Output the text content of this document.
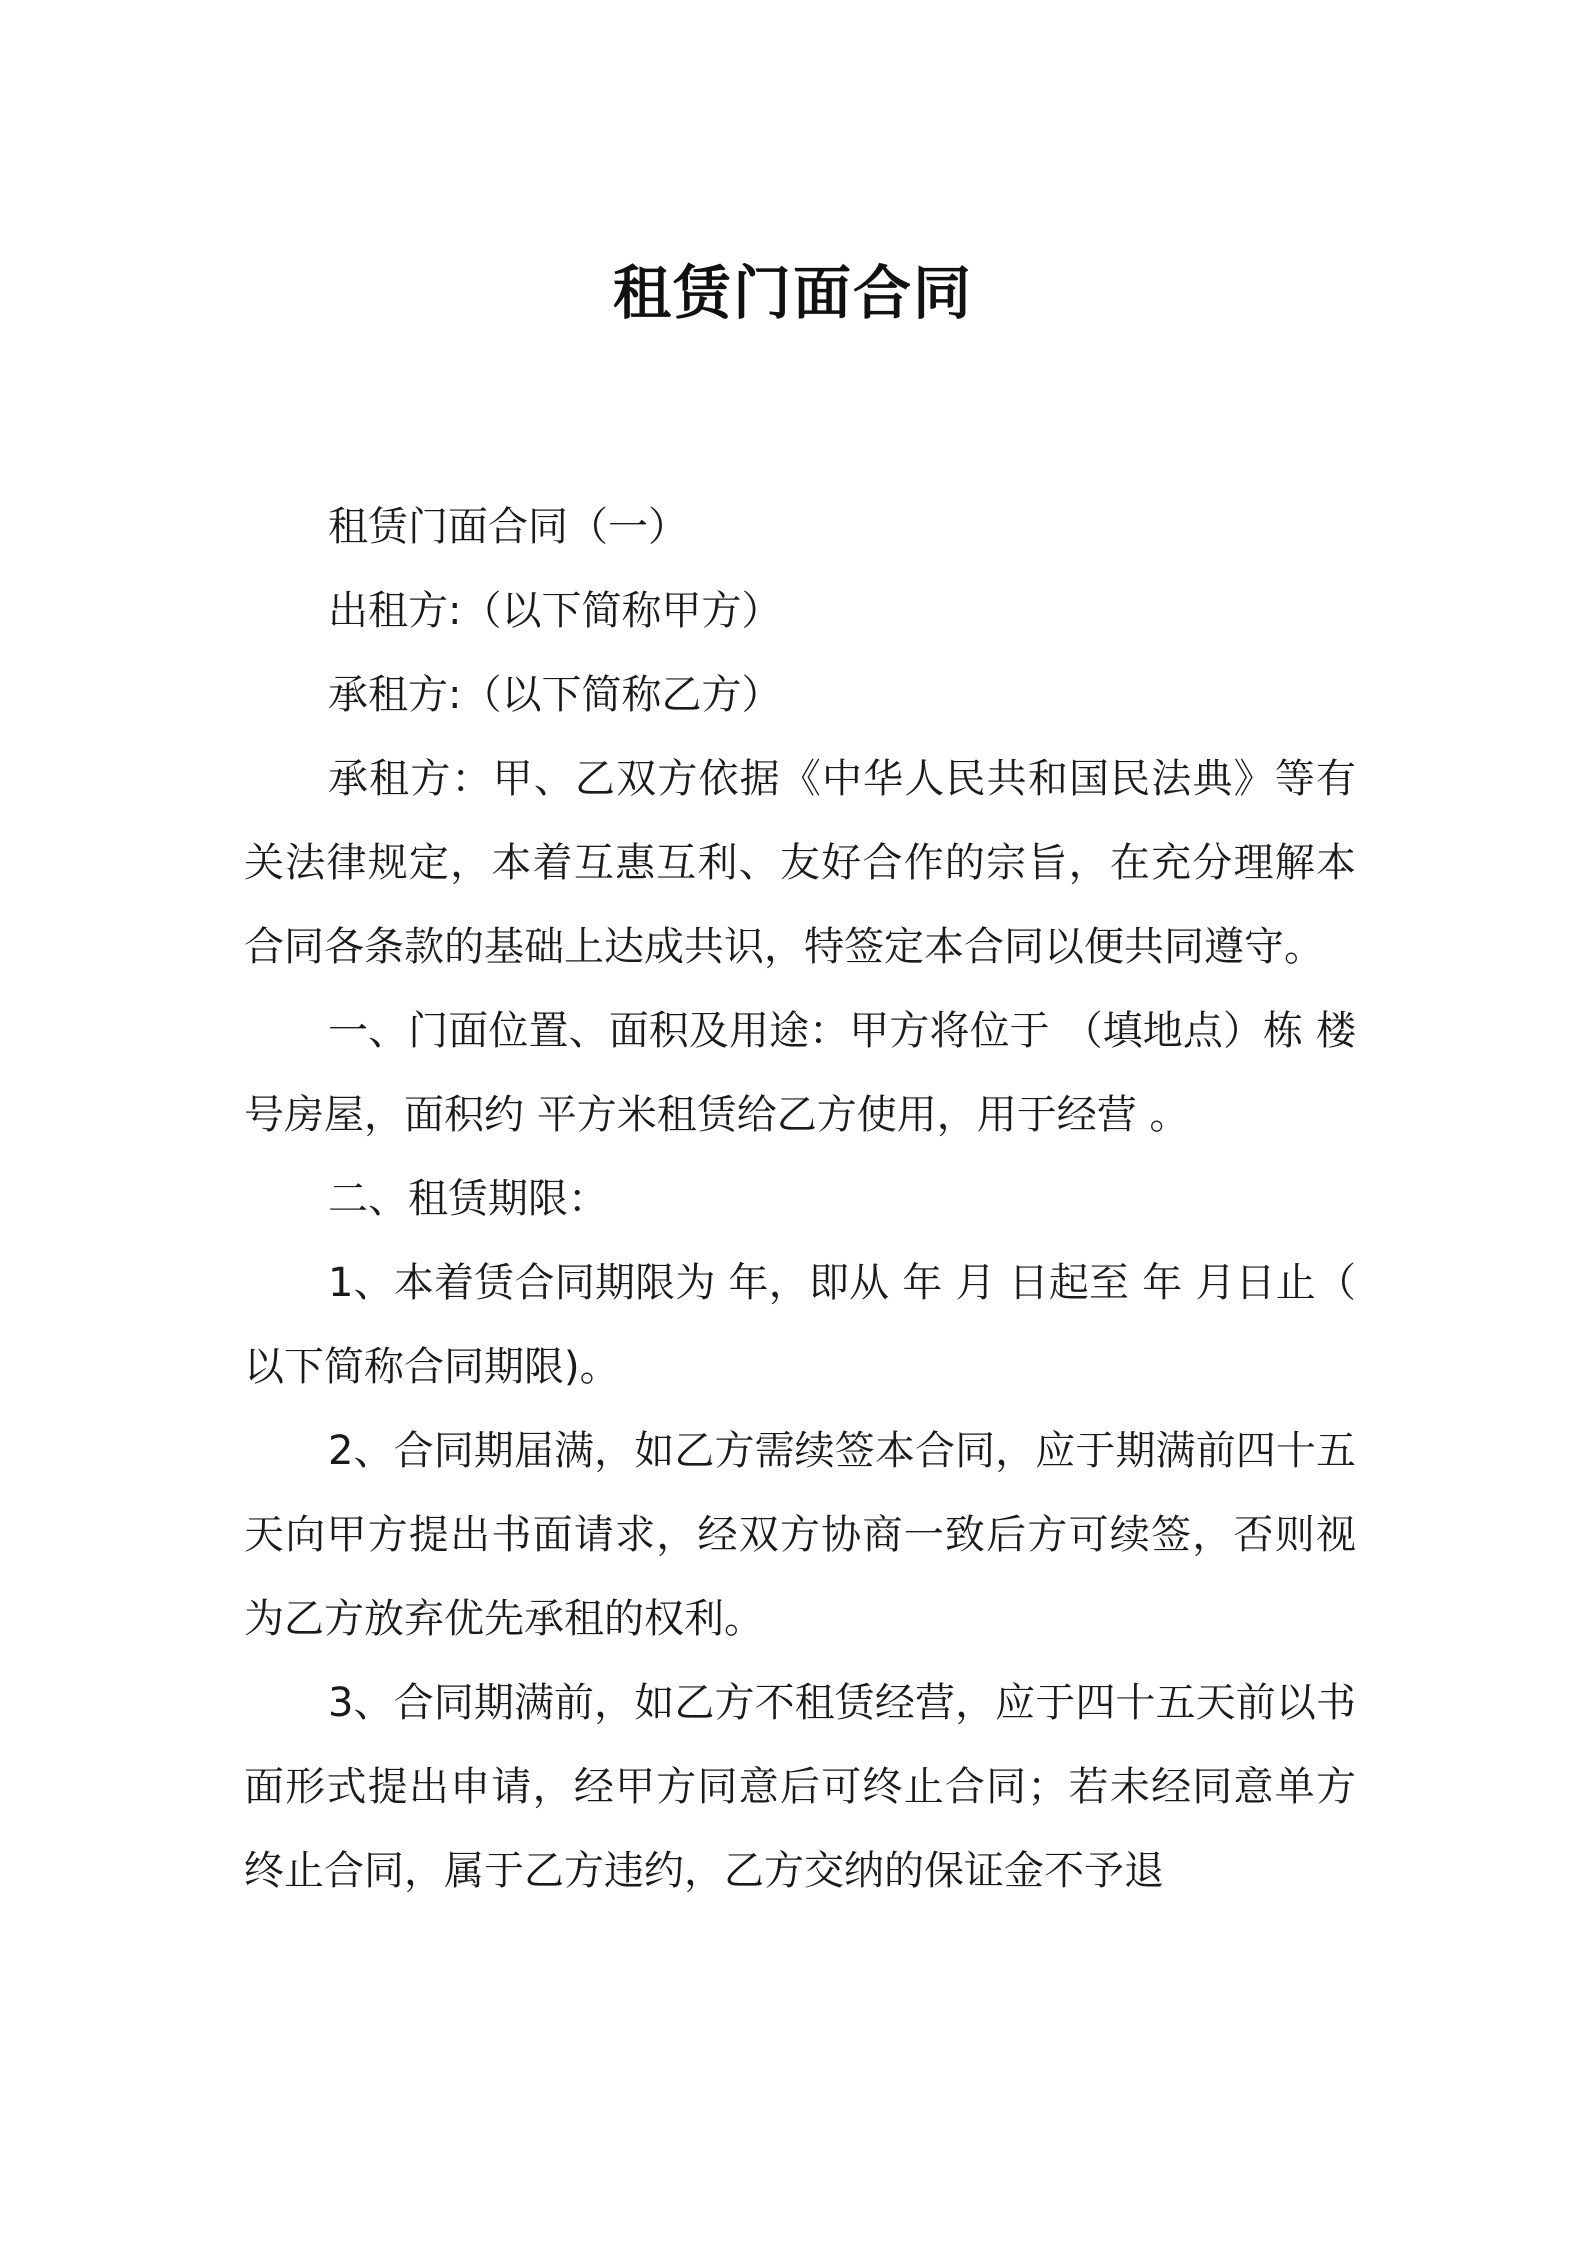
租赁门面合同

租赁门面合同（一）

出租方:（以下简称甲方）

承租方:（以下简称乙方）

承租方：甲、乙双方依据《中华人民共和国民法典》等有关法律规定，本着互惠互利、友好合作的宗旨，在充分理解本合同各条款的基础上达成共识，特签定本合同以便共同遵守。

一、门面位置、面积及用途：甲方将位于 （填地点）栋 楼号房屋，面积约 平方米租赁给乙方使用，用于经营 。

二、租赁期限：

1、本着赁合同期限为 年，即从 年 月 日起至 年 月日止（以下简称合同期限)。

2、合同期届满，如乙方需续签本合同，应于期满前四十五天向甲方提出书面请求，经双方协商一致后方可续签，否则视为乙方放弃优先承租的权利。

3、合同期满前，如乙方不租赁经营，应于四十五天前以书面形式提出申请，经甲方同意后可终止合同；若未经同意单方终止合同，属于乙方违约，乙方交纳的保证金不予退
